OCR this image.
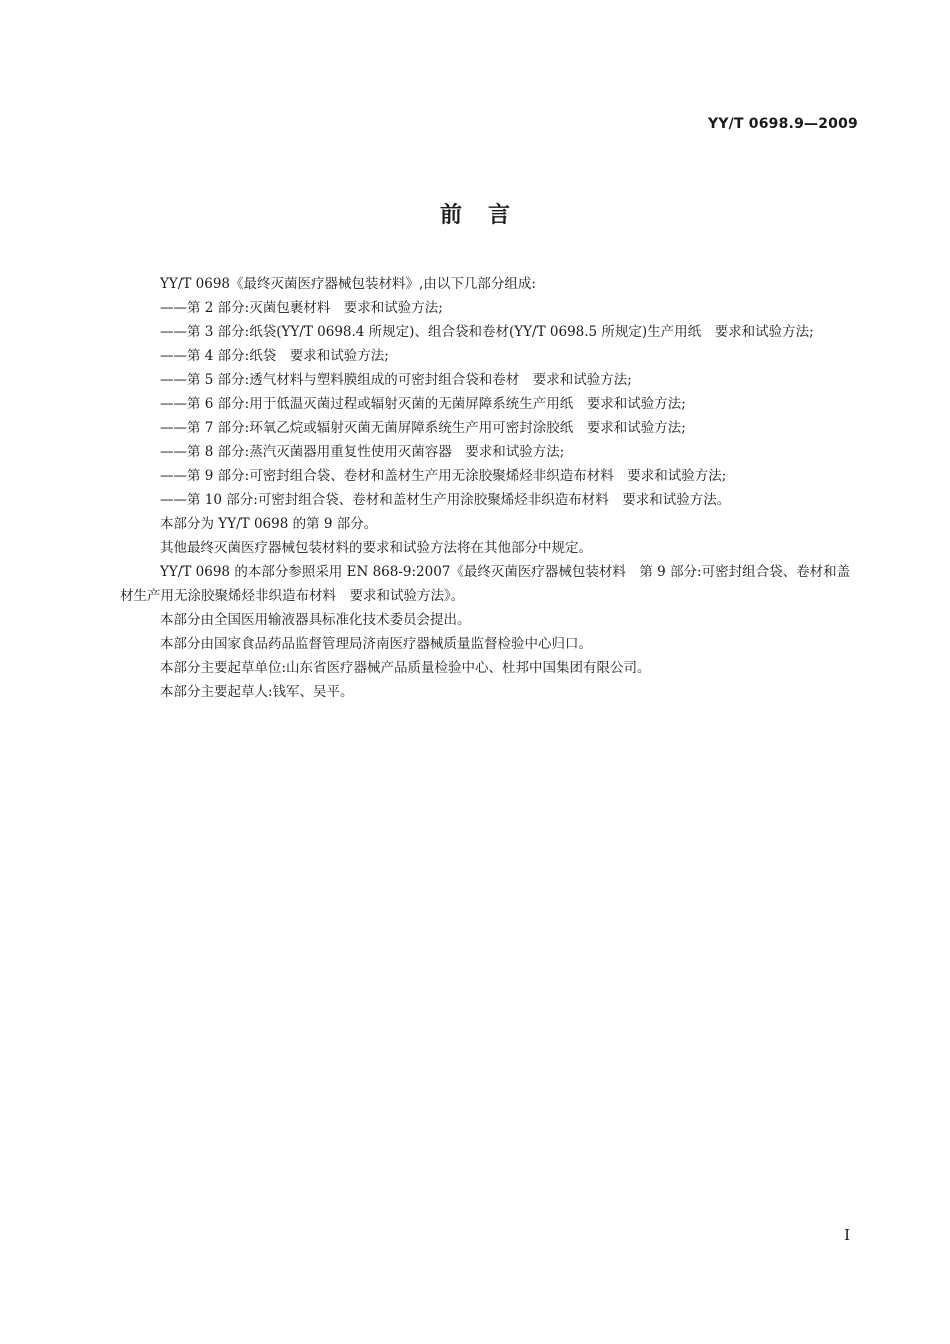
YY/T 0698.9—2009
前言

YY/T 0698《最终灭菌医疗器械包装材料》,由以下几部分组成:

——第 2 部分:灭菌包裹材料　要求和试验方法;

——第 3 部分:纸袋(YY/T 0698.4 所规定)、组合袋和卷材(YY/T 0698.5 所规定)生产用纸　要求和试验方法;

——第 4 部分:纸袋　要求和试验方法;

——第 5 部分:透气材料与塑料膜组成的可密封组合袋和卷材　要求和试验方法;

——第 6 部分:用于低温灭菌过程或辐射灭菌的无菌屏障系统生产用纸　要求和试验方法;

——第 7 部分:环氧乙烷或辐射灭菌无菌屏障系统生产用可密封涂胶纸　要求和试验方法;

——第 8 部分:蒸汽灭菌器用重复性使用灭菌容器　要求和试验方法;

——第 9 部分:可密封组合袋、卷材和盖材生产用无涂胶聚烯烃非织造布材料　要求和试验方法;

——第 10 部分:可密封组合袋、卷材和盖材生产用涂胶聚烯烃非织造布材料　要求和试验方法。

本部分为 YY/T 0698 的第 9 部分。

其他最终灭菌医疗器械包装材料的要求和试验方法将在其他部分中规定。

YY/T 0698 的本部分参照采用 EN 868-9:2007《最终灭菌医疗器械包装材料　第 9 部分:可密封组合袋、卷材和盖材生产用无涂胶聚烯烃非织造布材料　要求和试验方法》。

本部分由全国医用输液器具标准化技术委员会提出。

本部分由国家食品药品监督管理局济南医疗器械质量监督检验中心归口。

本部分主要起草单位:山东省医疗器械产品质量检验中心、杜邦中国集团有限公司。

本部分主要起草人:钱军、吴平。

I
